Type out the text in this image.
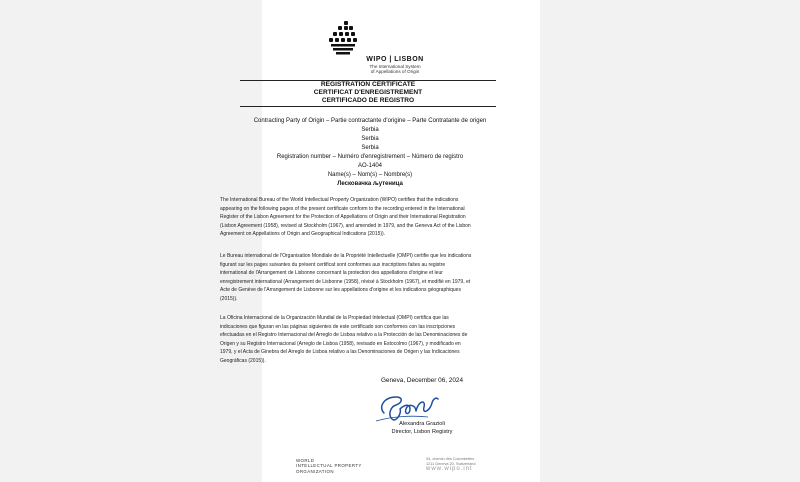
WIPO | LISBON
The International System
of Appellations of Origin
REGISTRATION CERTIFICATE
CERTIFICAT D'ENREGISTREMENT
CERTIFICADO DE REGISTRO
Contracting Party of Origin – Partie contractante d'origine – Parte Contratante de origen
Serbia
Serbia
Serbia
Registration number – Numéro d'enregistrement – Número de registro
AO-1404
Name(s) – Nom(s) – Nombre(s)
Лесковачка љутеница
The International Bureau of the World Intellectual Property Organization (WIPO) certifies that the indications
appearing on the following pages of the present certificate conform to the recording entered in the International
Register of the Lisbon Agreement for the Protection of Appellations of Origin and their International Registration
(Lisbon Agreement (1958), revised at Stockholm (1967), and amended in 1979, and the Geneva Act of the Lisbon
Agreement on Appellations of Origin and Geographical Indications (2015)).
Le Bureau international de l'Organisation Mondiale de la Propriété Intellectuelle (OMPI) certifie que les indications
figurant sur les pages suivantes du présent certificat sont conformes aux inscriptions faites au registre
international de l'Arrangement de Lisbonne concernant la protection des appellations d'origine et leur
enregistrement international (Arrangement de Lisbonne (1958), révisé à Stockholm (1967), et modifié en 1979, et
Acte de Genève de l'Arrangement de Lisbonne sur les appellations d'origine et les indications géographiques
(2015)).
La Oficina Internacional de la Organización Mundial de la Propiedad Intelectual (OMPI) certifica que las
indicaciones que figuran en las páginas siguientes de este certificado son conformes con las inscripciones
efectuadas en el Registro Internacional del Arreglo de Lisboa relativo a la Protección de las Denominaciones de
Origen y su Registro Internacional (Arreglo de Lisboa (1958), revisado en Estocolmo (1967), y modificado en
1979, y el Acta de Ginebra del Arreglo de Lisboa relativo a las Denominaciones de Origen y las Indicaciones
Geográficas (2015)).
Geneva, December 06, 2024
Alexandra Grazioli
Director, Lisbon Registry
WORLD
INTELLECTUAL PROPERTY
ORGANIZATION
34, chemin des Colombettes
1211 Geneva 20, Switzerland
www.wipo.int
